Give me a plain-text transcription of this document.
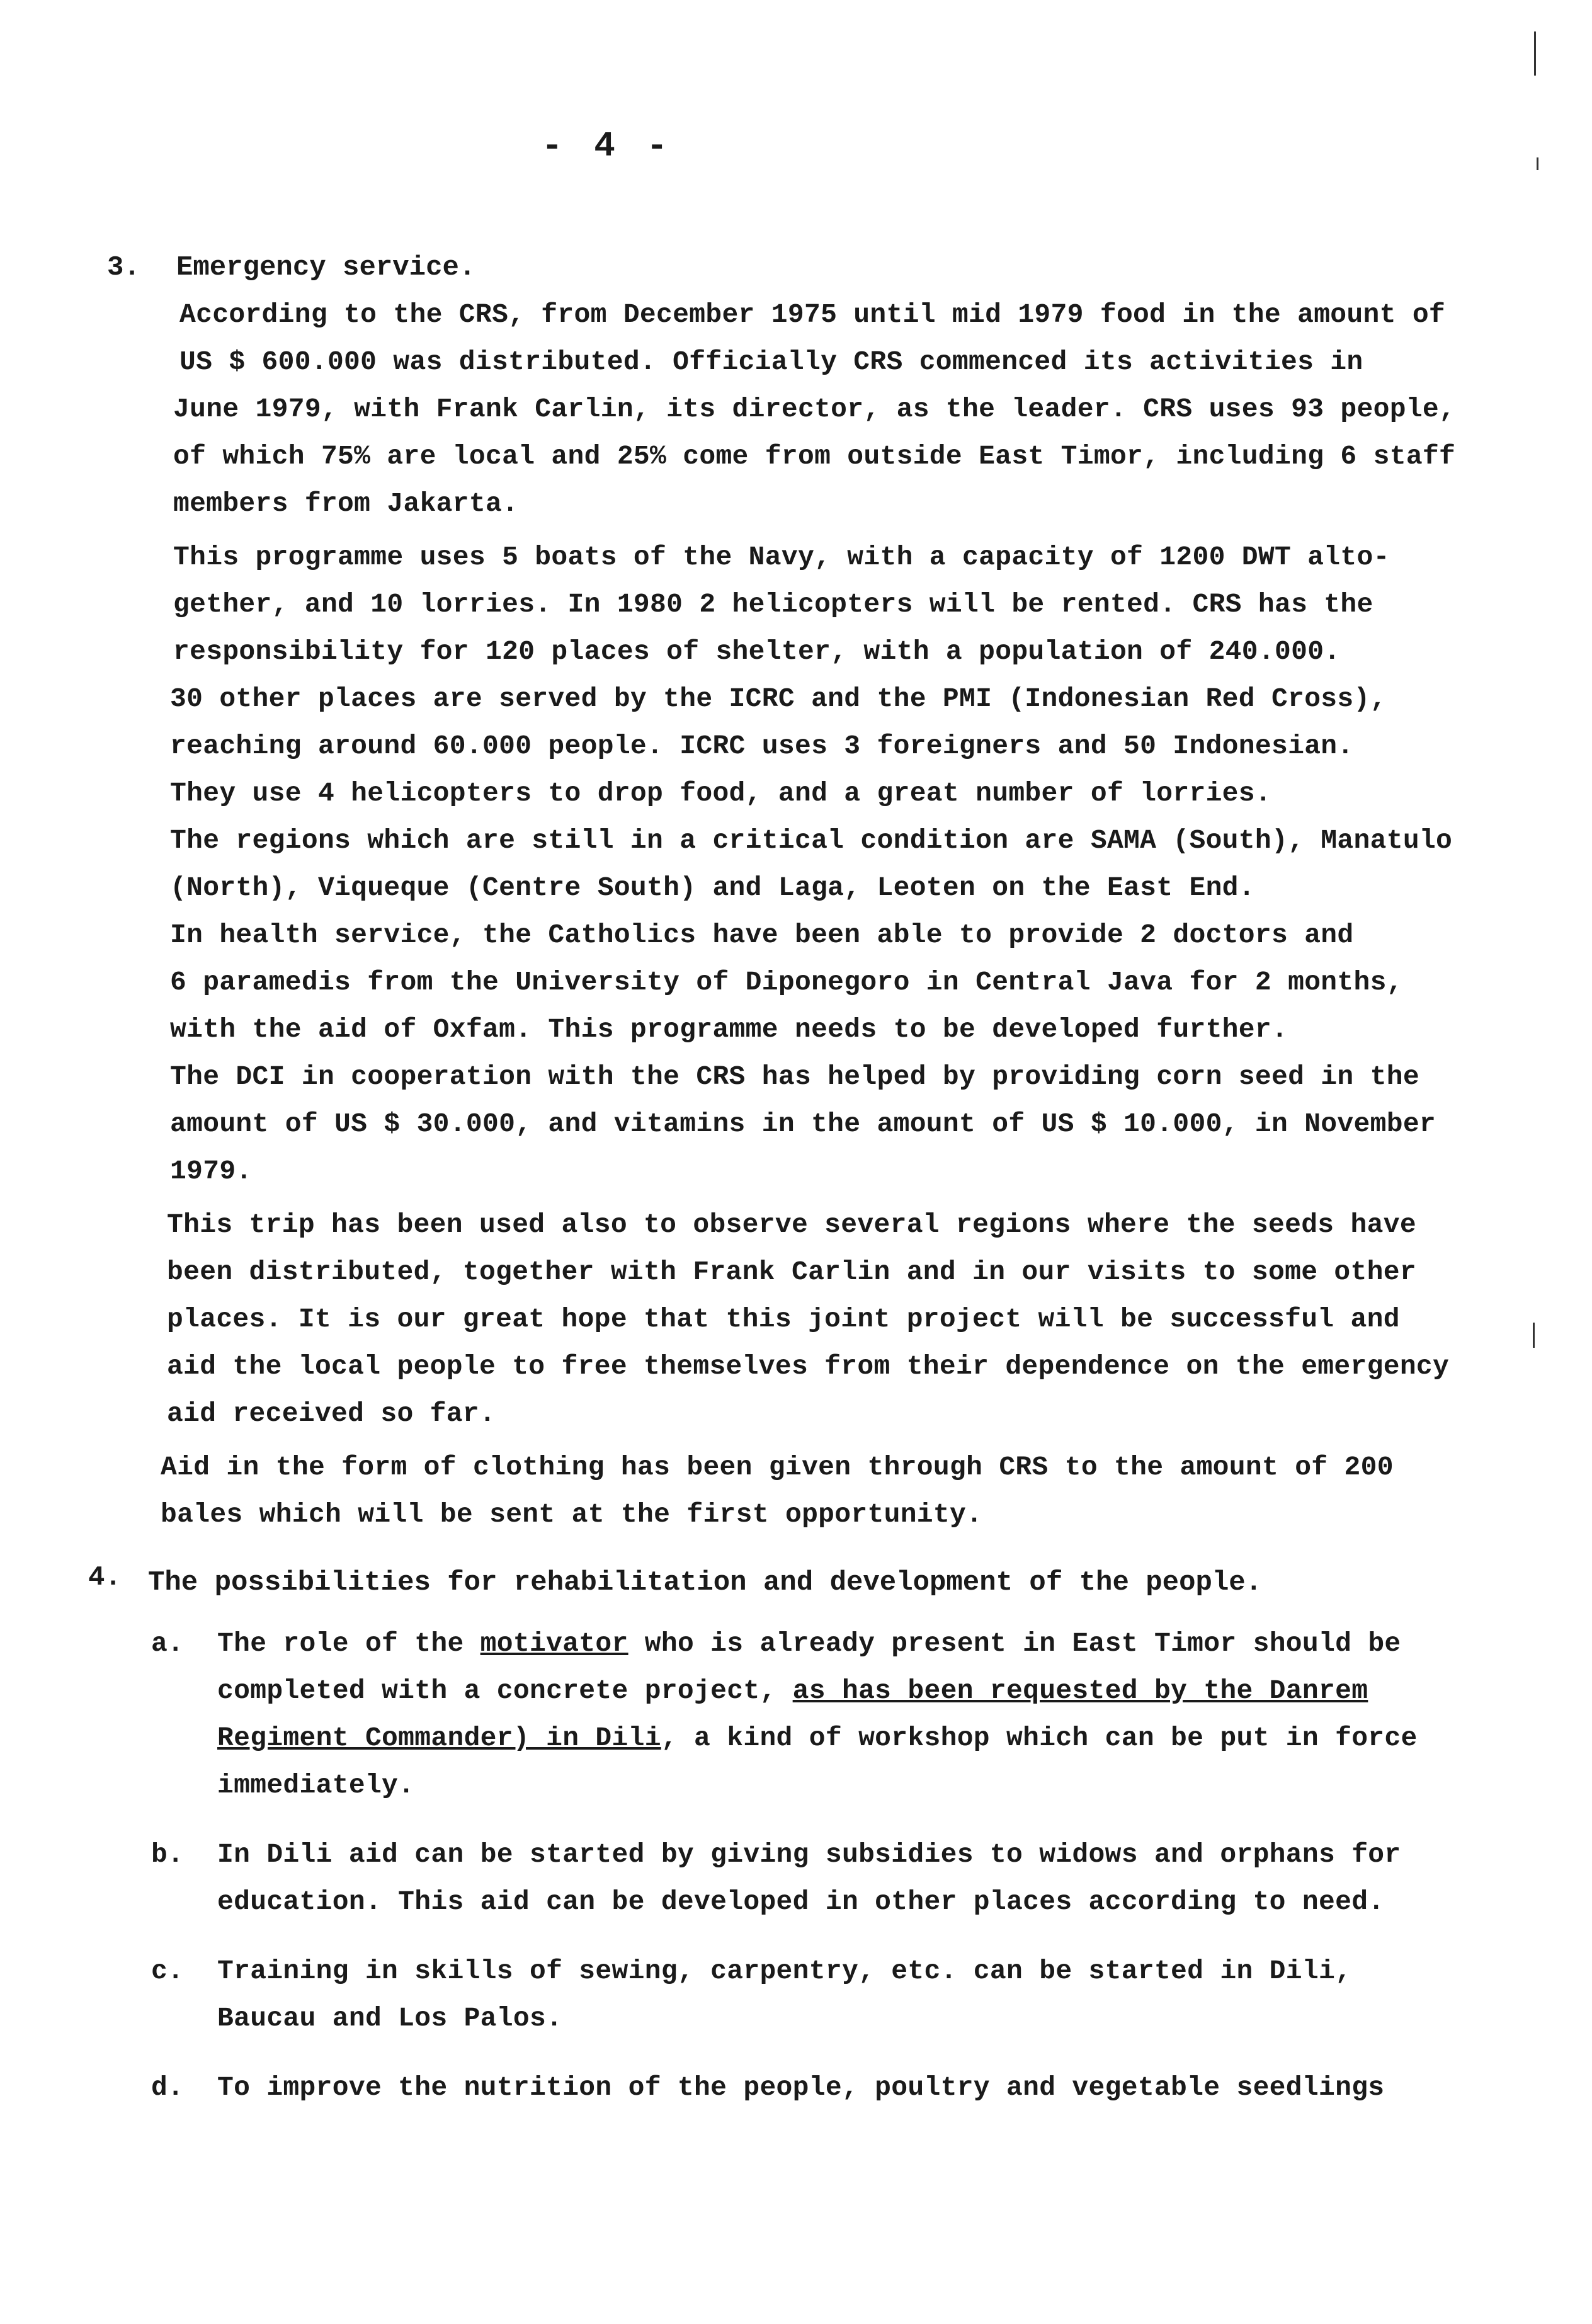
- 4 -
3. Emergency service.
According to the CRS, from December 1975 until mid 1979 food in the amount of
US $ 600.000 was distributed. Officially CRS commenced its activities in
June 1979, with Frank Carlin, its director, as the leader. CRS uses 93 people,
of which 75% are local and 25% come from outside East Timor, including 6 staff
members from Jakarta.
This programme uses 5 boats of the Navy, with a capacity of 1200 DWT alto-
gether, and 10 lorries. In 1980 2 helicopters will be rented. CRS has the
responsibility for 120 places of shelter, with a population of 240.000.
30 other places are served by the ICRC and the PMI (Indonesian Red Cross),
reaching around 60.000 people. ICRC uses 3 foreigners and 50 Indonesian.
They use 4 helicopters to drop food, and a great number of lorries.
The regions which are still in a critical condition are SAMA (South), Manatulo
(North), Viqueque (Centre South) and Laga, Leoten on the East End.
In health service, the Catholics have been able to provide 2 doctors and
6 paramedis from the University of Diponegoro in Central Java for 2 months,
with the aid of Oxfam. This programme needs to be developed further.
The DCI in cooperation with the CRS has helped by providing corn seed in the
amount of US $ 30.000, and vitamins in the amount of US $ 10.000, in November
1979.
This trip has been used also to observe several regions where the seeds have
been distributed, together with Frank Carlin and in our visits to some other
places. It is our great hope that this joint project will be successful and
aid the local people to free themselves from their dependence on the emergency
aid received so far.
Aid in the form of clothing has been given through CRS to the amount of 200
bales which will be sent at the first opportunity.
4. The possibilities for rehabilitation and development of the people.
a. The role of the motivator who is already present in East Timor should be
completed with a concrete project, as has been requested by the Danrem
Regiment Commander) in Dili, a kind of workshop which can be put in force
immediately.
b. In Dili aid can be started by giving subsidies to widows and orphans for
education. This aid can be developed in other places according to need.
c. Training in skills of sewing, carpentry, etc. can be started in Dili,
Baucau and Los Palos.
d. To improve the nutrition of the people, poultry and vegetable seedlings
